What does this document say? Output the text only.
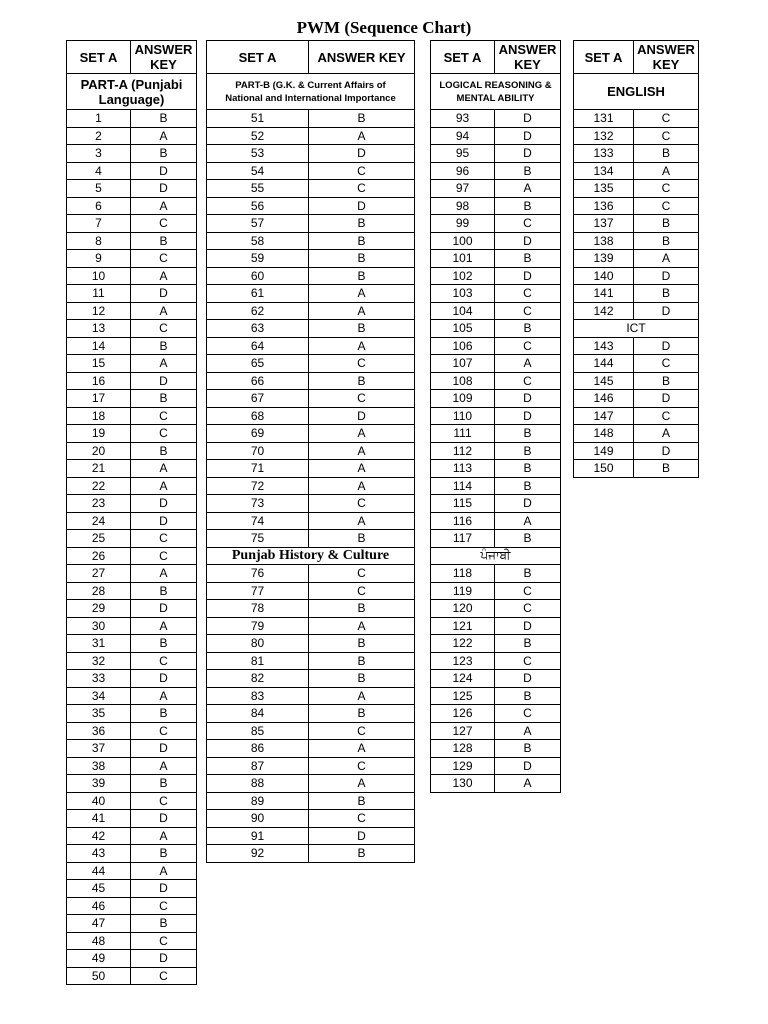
PWM (Sequence Chart)
SET A	ANSWER
KEY
PART-A (Punjabi
Language)
1	B
2	A
3	B
4	D
5	D
6	A
7	C
8	B
9	C
10	A
11	D
12	A
13	C
14	B
15	A
16	D
17	B
18	C
19	C
20	B
21	A
22	A
23	D
24	D
25	C
26	C
27	A
28	B
29	D
30	A
31	B
32	C
33	D
34	A
35	B
36	C
37	D
38	A
39	B
40	C
41	D
42	A
43	B
44	A
45	D
46	C
47	B
48	C
49	D
50	C
SET A	ANSWER KEY
PART-B (G.K. & Current Affairs of
National and International Importance
51	B
52	A
53	D
54	C
55	C
56	D
57	B
58	B
59	B
60	B
61	A
62	A
63	B
64	A
65	C
66	B
67	C
68	D
69	A
70	A
71	A
72	A
73	C
74	A
75	B
Punjab History & Culture
76	C
77	C
78	B
79	A
80	B
81	B
82	B
83	A
84	B
85	C
86	A
87	C
88	A
89	B
90	C
91	D
92	B
SET A	ANSWER
KEY
LOGICAL REASONING &
MENTAL ABILITY
93	D
94	D
95	D
96	B
97	A
98	B
99	C
100	D
101	B
102	D
103	C
104	C
105	B
106	C
107	A
108	C
109	D
110	D
111	B
112	B
113	B
114	B
115	D
116	A
117	B
ਪੰਜਾਬੀ
118	B
119	C
120	C
121	D
122	B
123	C
124	D
125	B
126	C
127	A
128	B
129	D
130	A
SET A	ANSWER
KEY
ENGLISH
131	C
132	C
133	B
134	A
135	C
136	C
137	B
138	B
139	A
140	D
141	B
142	D
ICT
143	D
144	C
145	B
146	D
147	C
148	A
149	D
150	B
